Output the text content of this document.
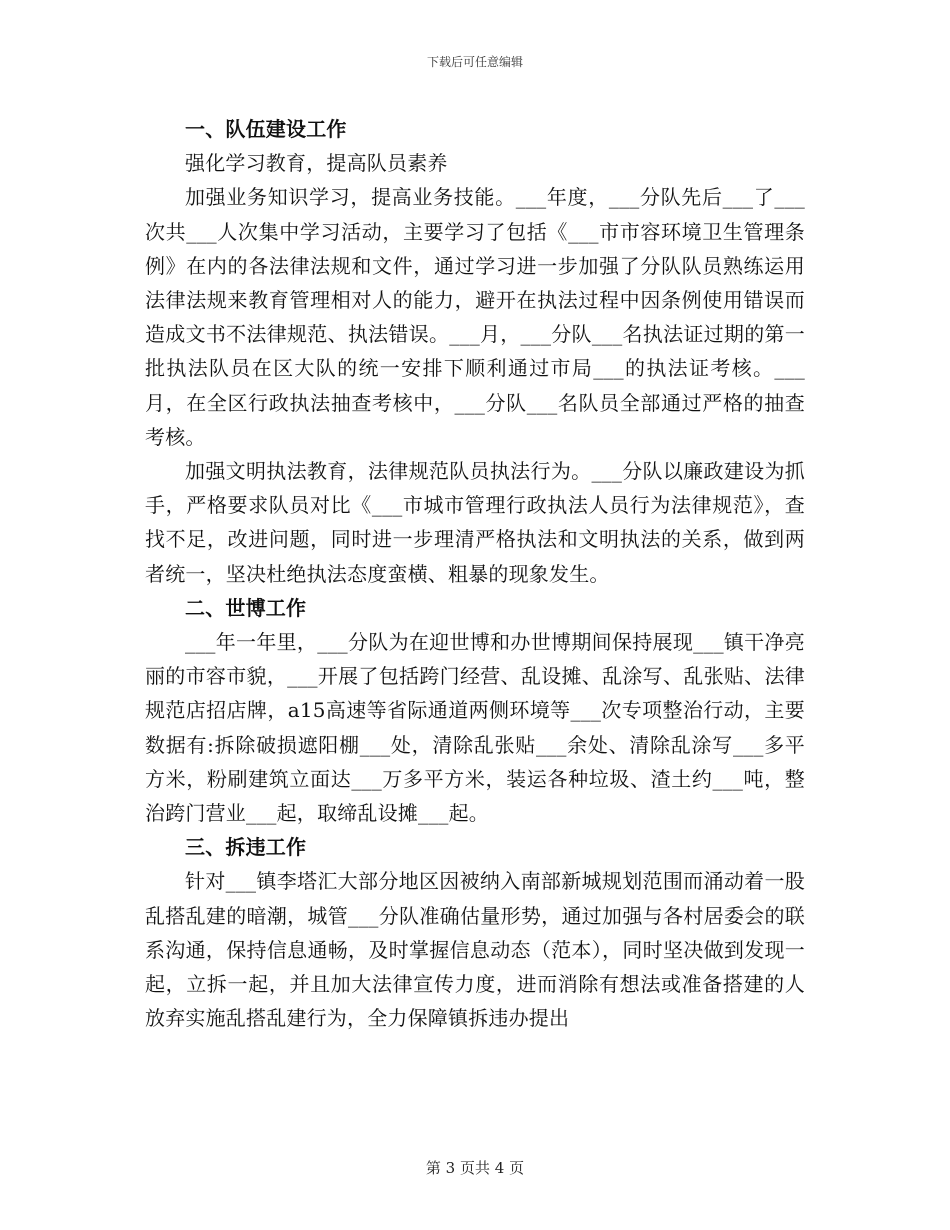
下载后可任意编辑
一、队伍建设工作

强化学习教育，提高队员素养

加强业务知识学习，提高业务技能。___年度，___分队先后___了___次共___人次集中学习活动，主要学习了包括《___市市容环境卫生管理条例》在内的各法律法规和文件，通过学习进一步加强了分队队员熟练运用法律法规来教育管理相对人的能力，避开在执法过程中因条例使用错误而造成文书不法律规范、执法错误。___月，___分队___名执法证过期的第一批执法队员在区大队的统一安排下顺利通过市局___的执法证考核。___月，在全区行政执法抽查考核中，___分队___名队员全部通过严格的抽查考核。

加强文明执法教育，法律规范队员执法行为。___分队以廉政建设为抓手，严格要求队员对比《___市城市管理行政执法人员行为法律规范》，查找不足，改进问题，同时进一步理清严格执法和文明执法的关系，做到两者统一，坚决杜绝执法态度蛮横、粗暴的现象发生。

二、世博工作

___年一年里，___分队为在迎世博和办世博期间保持展现___镇干净亮丽的市容市貌，___开展了包括跨门经营、乱设摊、乱涂写、乱张贴、法律规范店招店牌，a15高速等省际通道两侧环境等___次专项整治行动，主要数据有:拆除破损遮阳棚___处，清除乱张贴___余处、清除乱涂写___多平方米，粉刷建筑立面达___万多平方米，装运各种垃圾、渣土约___吨，整治跨门营业___起，取缔乱设摊___起。

三、拆违工作

针对___镇李塔汇大部分地区因被纳入南部新城规划范围而涌动着一股乱搭乱建的暗潮，城管___分队准确估量形势，通过加强与各村居委会的联系沟通，保持信息通畅，及时掌握信息动态（范本），同时坚决做到发现一起，立拆一起，并且加大法律宣传力度，进而消除有想法或准备搭建的人放弃实施乱搭乱建行为，全力保障镇拆违办提出

第 3 页共 4 页
